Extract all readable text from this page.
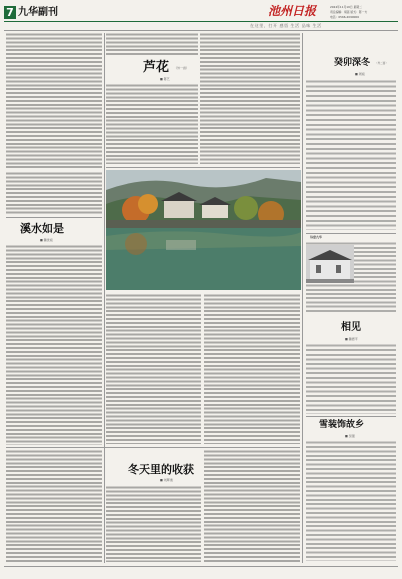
7 九华副刊	池州日报	2024年11月19日 星期二
责任编辑：胡蓓 版式：陈一方
电话：0566-2099006
在这里，打开 感悟 生活 品味 生活
芦花 （外一首）
■ 陈艺
溪水如是
■ 魏世斌
冬天里的收获
■ 刘辉道
癸卯深冬 （外二首）
■ 周斌
诗意九华
相见
■ 魏德平
雪装饰故乡
■ 吴强
